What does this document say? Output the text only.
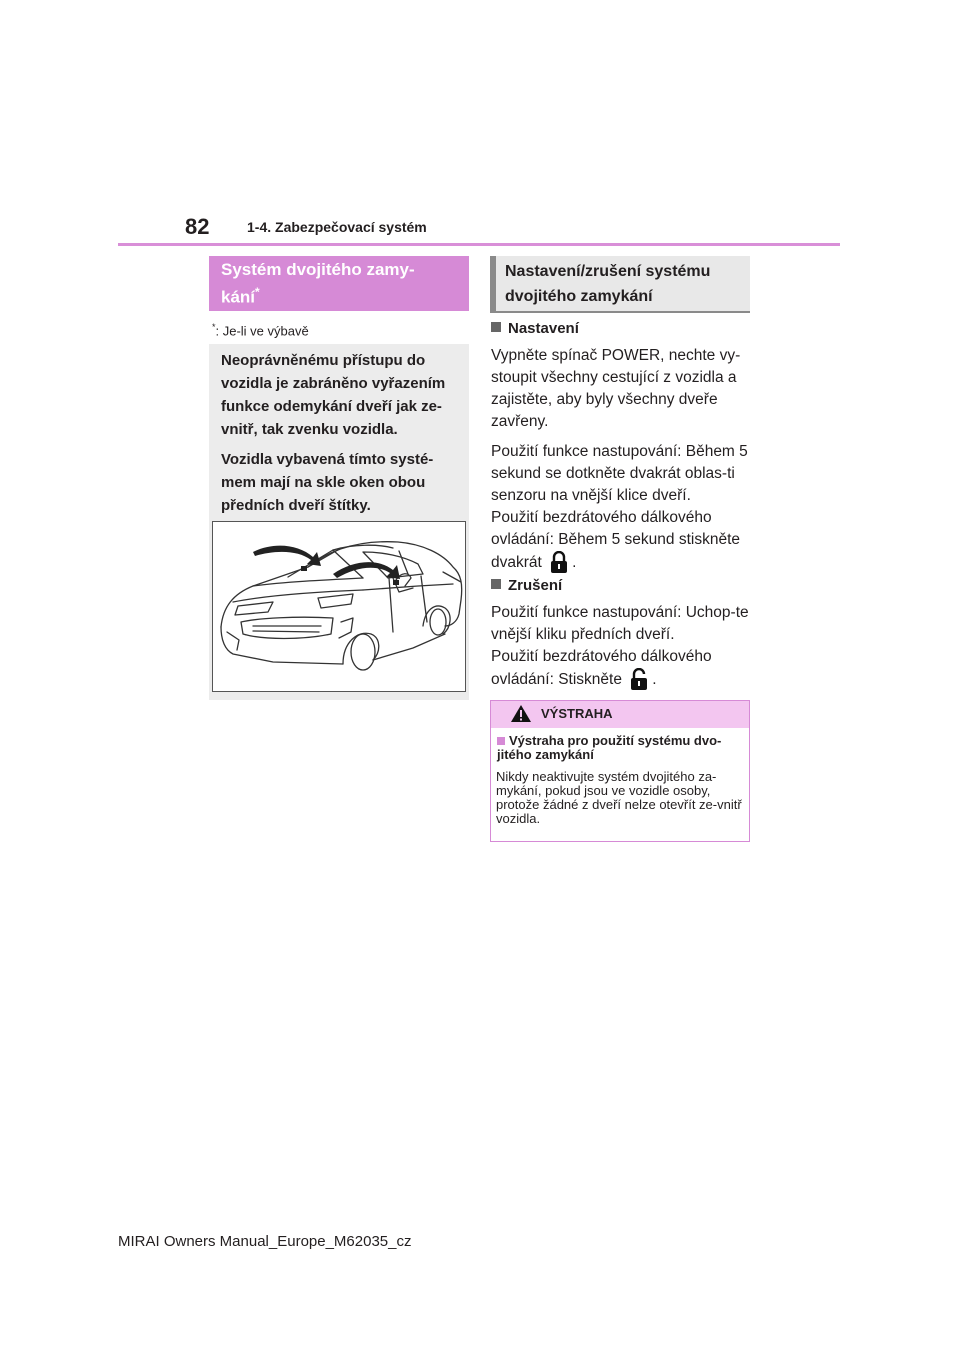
82	1-4. Zabezpečovací systém
Systém dvojitého zamy-
kání*
*: Je-li ve výbavě

Neoprávněnému přístupu do vozidla je zabráněno vyřazením funkce odemykání dveří jak ze-vnitř, tak zvenku vozidla.

Vozidla vybavená tímto systé-mem mají na skle oken obou předních dveří štítky.

Nastavení/zrušení systému dvojitého zamykání
Nastavení

Vypněte spínač POWER, nechte vy-stoupit všechny cestující z vozidla a zajistěte, aby byly všechny dveře zavřeny.

Použití funkce nastupování: Během 5 sekund se dotkněte dvakrát oblas-ti senzoru na vnější klice dveří.

Použití bezdrátového dálkového ovládání: Během 5 sekund stiskněte dvakrát .

Zrušení

Použití funkce nastupování: Uchop-te vnější kliku předních dveří.

Použití bezdrátového dálkového ovládání: Stiskněte .

VÝSTRAHA
Výstraha pro použití systému dvo-jitého zamykání
Nikdy neaktivujte systém dvojitého za-mykání, pokud jsou ve vozidle osoby, protože žádné z dveří nelze otevřít ze-vnitř vozidla.
MIRAI Owners Manual_Europe_M62035_cz
